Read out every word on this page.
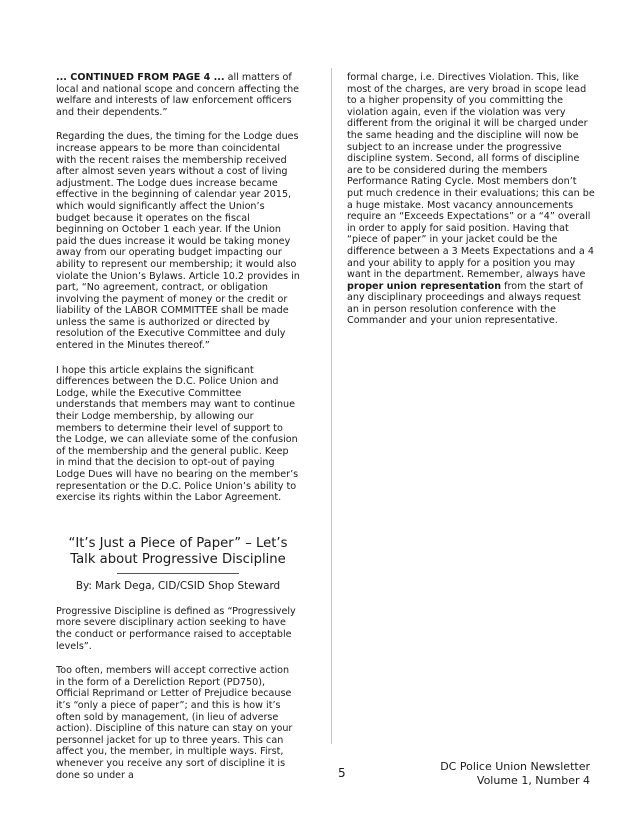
... CONTINUED FROM PAGE 4 ... all matters of local and national scope and concern affecting the welfare and interests of law enforcement officers and their dependents.”

Regarding the dues, the timing for the Lodge dues increase appears to be more than coincidental with the recent raises the membership received after almost seven years without a cost of living adjustment. The Lodge dues increase became effective in the beginning of calendar year 2015, which would significantly affect the Union’s budget because it operates on the fiscal beginning on October 1 each year. If the Union paid the dues increase it would be taking money away from our operating budget impacting our ability to represent our membership; it would also violate the Union’s Bylaws. Article 10.2 provides in part, “No agreement, contract, or obligation involving the payment of money or the credit or liability of the LABOR COMMITTEE shall be made unless the same is authorized or directed by resolution of the Executive Committee and duly entered in the Minutes thereof.”

I hope this article explains the significant differences between the D.C. Police Union and Lodge, while the Executive Committee understands that members may want to continue their Lodge membership, by allowing our members to determine their level of support to the Lodge, we can alleviate some of the confusion of the membership and the general public. Keep in mind that the decision to opt-out of paying Lodge Dues will have no bearing on the member’s representation or the D.C. Police Union’s ability to exercise its rights within the Labor Agreement.

“It’s Just a Piece of Paper” – Let’s Talk about Progressive Discipline

By: Mark Dega, CID/CSID Shop Steward

Progressive Discipline is defined as “Progressively more severe disciplinary action seeking to have the conduct or performance raised to acceptable levels”.

Too often, members will accept corrective action in the form of a Dereliction Report (PD750), Official Reprimand or Letter of Prejudice because it’s “only a piece of paper”; and this is how it’s often sold by management, (in lieu of adverse action). Discipline of this nature can stay on your personnel jacket for up to three years. This can affect you, the member, in multiple ways. First, whenever you receive any sort of discipline it is done so under a

formal charge, i.e. Directives Violation. This, like most of the charges, are very broad in scope lead to a higher propensity of you committing the violation again, even if the violation was very different from the original it will be charged under the same heading and the discipline will now be subject to an increase under the progressive discipline system. Second, all forms of discipline are to be considered during the members Performance Rating Cycle. Most members don’t put much credence in their evaluations; this can be a huge mistake. Most vacancy announcements require an “Exceeds Expectations” or a “4” overall in order to apply for said position. Having that “piece of paper” in your jacket could be the difference between a 3 Meets Expectations and a 4 and your ability to apply for a position you may want in the department. Remember, always have proper union representation from the start of any disciplinary proceedings and always request an in person resolution conference with the Commander and your union representative.

5	DC Police Union Newsletter
Volume 1, Number 4
